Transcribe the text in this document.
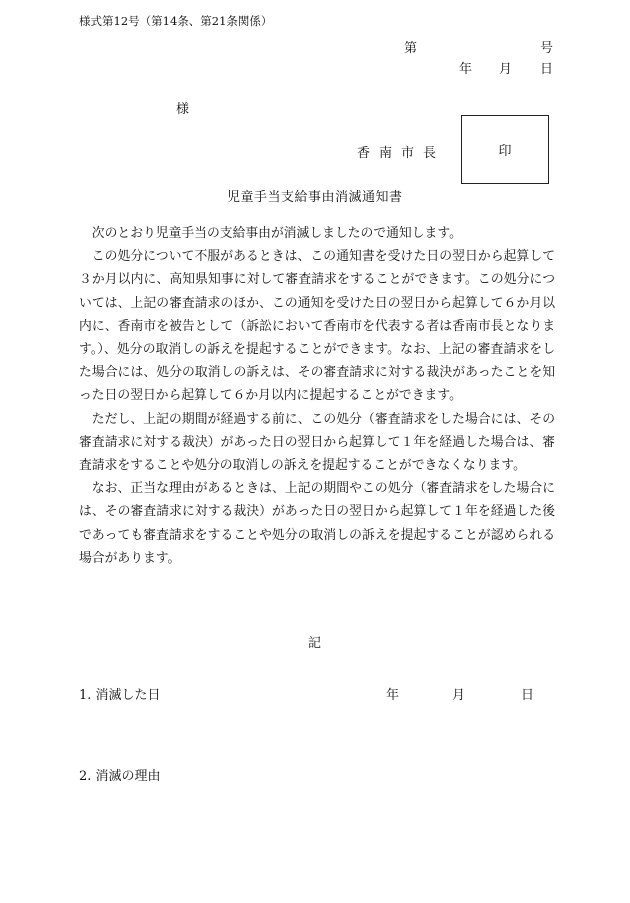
様式第12号（第14条、第21条関係）
第	号
年 月 日
様
香南市長	印
児童手当支給事由消滅通知書

次のとおり児童手当の支給事由が消滅しましたので通知します。

この処分について不服があるときは、この通知書を受けた日の翌日から起算して３か月以内に、高知県知事に対して審査請求をすることができます。この処分については、上記の審査請求のほか、この通知を受けた日の翌日から起算して６か月以内に、香南市を被告として（訴訟において香南市を代表する者は香南市長となります。）、処分の取消しの訴えを提起することができます。なお、上記の審査請求をした場合には、処分の取消しの訴えは、その審査請求に対する裁決があったことを知った日の翌日から起算して６か月以内に提起することができます。

ただし、上記の期間が経過する前に、この処分（審査請求をした場合には、その審査請求に対する裁決）があった日の翌日から起算して１年を経過した場合は、審査請求をすることや処分の取消しの訴えを提起することができなくなります。

なお、正当な理由があるときは、上記の期間やこの処分（審査請求をした場合には、その審査請求に対する裁決）があった日の翌日から起算して１年を経過した後であっても審査請求をすることや処分の取消しの訴えを提起することが認められる場合があります。

記
1. 消滅した日	年	月	日
2. 消滅の理由
